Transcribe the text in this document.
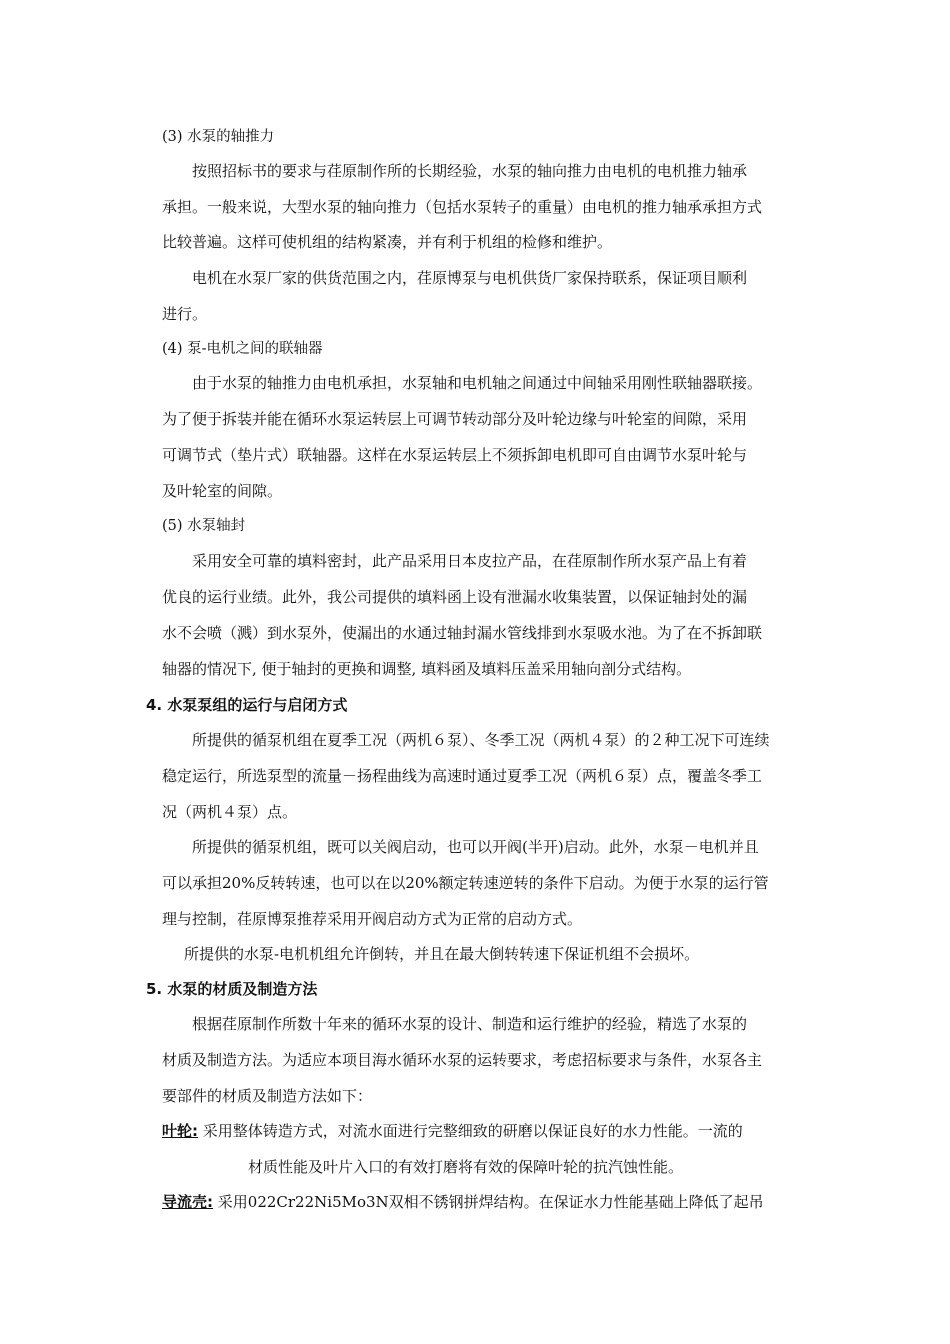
(3) 水泵的轴推力
按照招标书的要求与荏原制作所的长期经验，水泵的轴向推力由电机的电机推力轴承
承担。一般来说，大型水泵的轴向推力（包括水泵转子的重量）由电机的推力轴承承担方式
比较普遍。这样可使机组的结构紧凑，并有利于机组的检修和维护。
电机在水泵厂家的供货范围之内，荏原博泵与电机供货厂家保持联系，保证项目顺利
进行。
(4) 泵-电机之间的联轴器
由于水泵的轴推力由电机承担，水泵轴和电机轴之间通过中间轴采用刚性联轴器联接。
为了便于拆装并能在循环水泵运转层上可调节转动部分及叶轮边缘与叶轮室的间隙，采用
可调节式（垫片式）联轴器。这样在水泵运转层上不须拆卸电机即可自由调节水泵叶轮与
及叶轮室的间隙。
(5) 水泵轴封
采用安全可靠的填料密封，此产品采用日本皮拉产品，在荏原制作所水泵产品上有着
优良的运行业绩。此外，我公司提供的填料函上设有泄漏水收集装置，以保证轴封处的漏
水不会喷（溅）到水泵外，使漏出的水通过轴封漏水管线排到水泵吸水池。为了在不拆卸联
轴器的情况下, 便于轴封的更换和调整, 填料函及填料压盖采用轴向剖分式结构。
4. 水泵泵组的运行与启闭方式
所提供的循泵机组在夏季工况（两机６泵）、冬季工况（两机４泵）的２种工况下可连续
稳定运行，所选泵型的流量－扬程曲线为高速时通过夏季工况（两机６泵）点，覆盖冬季工
况（两机４泵）点。
所提供的循泵机组，既可以关阀启动，也可以开阀(半开)启动。此外，水泵－电机并且
可以承担20%反转转速，也可以在以20%额定转速逆转的条件下启动。为便于水泵的运行管
理与控制，荏原博泵推荐采用开阀启动方式为正常的启动方式。
所提供的水泵-电机机组允许倒转，并且在最大倒转转速下保证机组不会损坏。
5. 水泵的材质及制造方法
根据荏原制作所数十年来的循环水泵的设计、制造和运行维护的经验，精选了水泵的
材质及制造方法。为适应本项目海水循环水泵的运转要求，考虑招标要求与条件，水泵各主
要部件的材质及制造方法如下：
叶轮: 采用整体铸造方式，对流水面进行完整细致的研磨以保证良好的水力性能。一流的
材质性能及叶片入口的有效打磨将有效的保障叶轮的抗汽蚀性能。
导流壳: 采用022Cr22Ni5Mo3N双相不锈钢拼焊结构。在保证水力性能基础上降低了起吊
